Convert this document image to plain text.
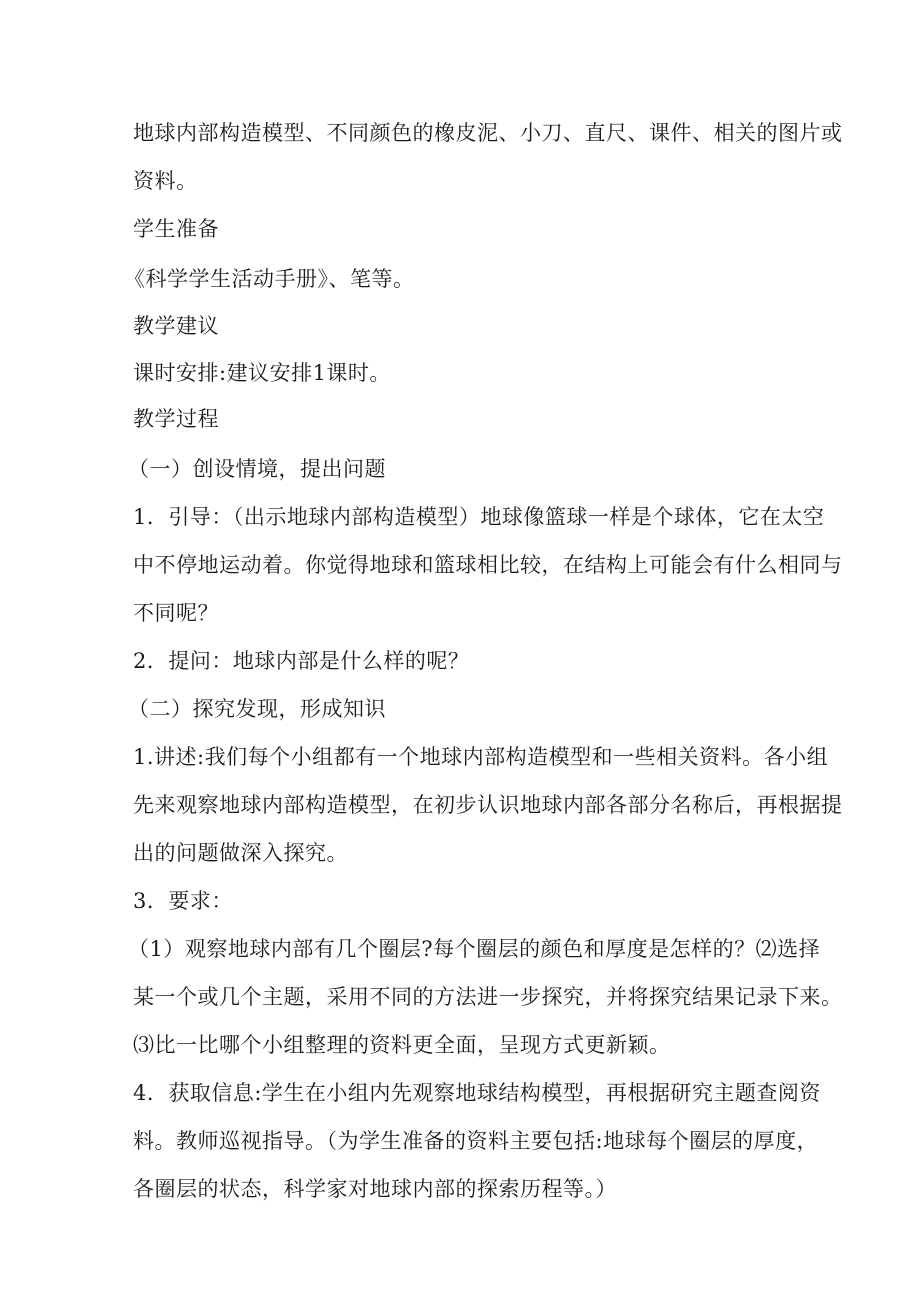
地球内部构造模型、不同颜色的橡皮泥、小刀、直尺、课件、相关的图片或
资料。
学生准备
《科学学生活动手册》、笔等。
教学建议
课时安排:建议安排1课时。
教学过程
（一）创设情境，提出问题
1．引导：（出示地球内部构造模型）地球像篮球一样是个球体，它在太空
中不停地运动着。你觉得地球和篮球相比较，在结构上可能会有什么相同与
不同呢？
2．提问：地球内部是什么样的呢？
（二）探究发现，形成知识
1.讲述:我们每个小组都有一个地球内部构造模型和一些相关资料。各小组
先来观察地球内部构造模型，在初步认识地球内部各部分名称后，再根据提
出的问题做深入探究。
3．要求：
（1）观察地球内部有几个圈层?每个圈层的颜色和厚度是怎样的？⑵选择
某一个或几个主题，采用不同的方法进一步探究，并将探究结果记录下来。
⑶比一比哪个小组整理的资料更全面，呈现方式更新颖。
4．获取信息:学生在小组内先观察地球结构模型，再根据研究主题查阅资
料。教师巡视指导。（为学生准备的资料主要包括:地球每个圈层的厚度，
各圈层的状态，科学家对地球内部的探索历程等。）
